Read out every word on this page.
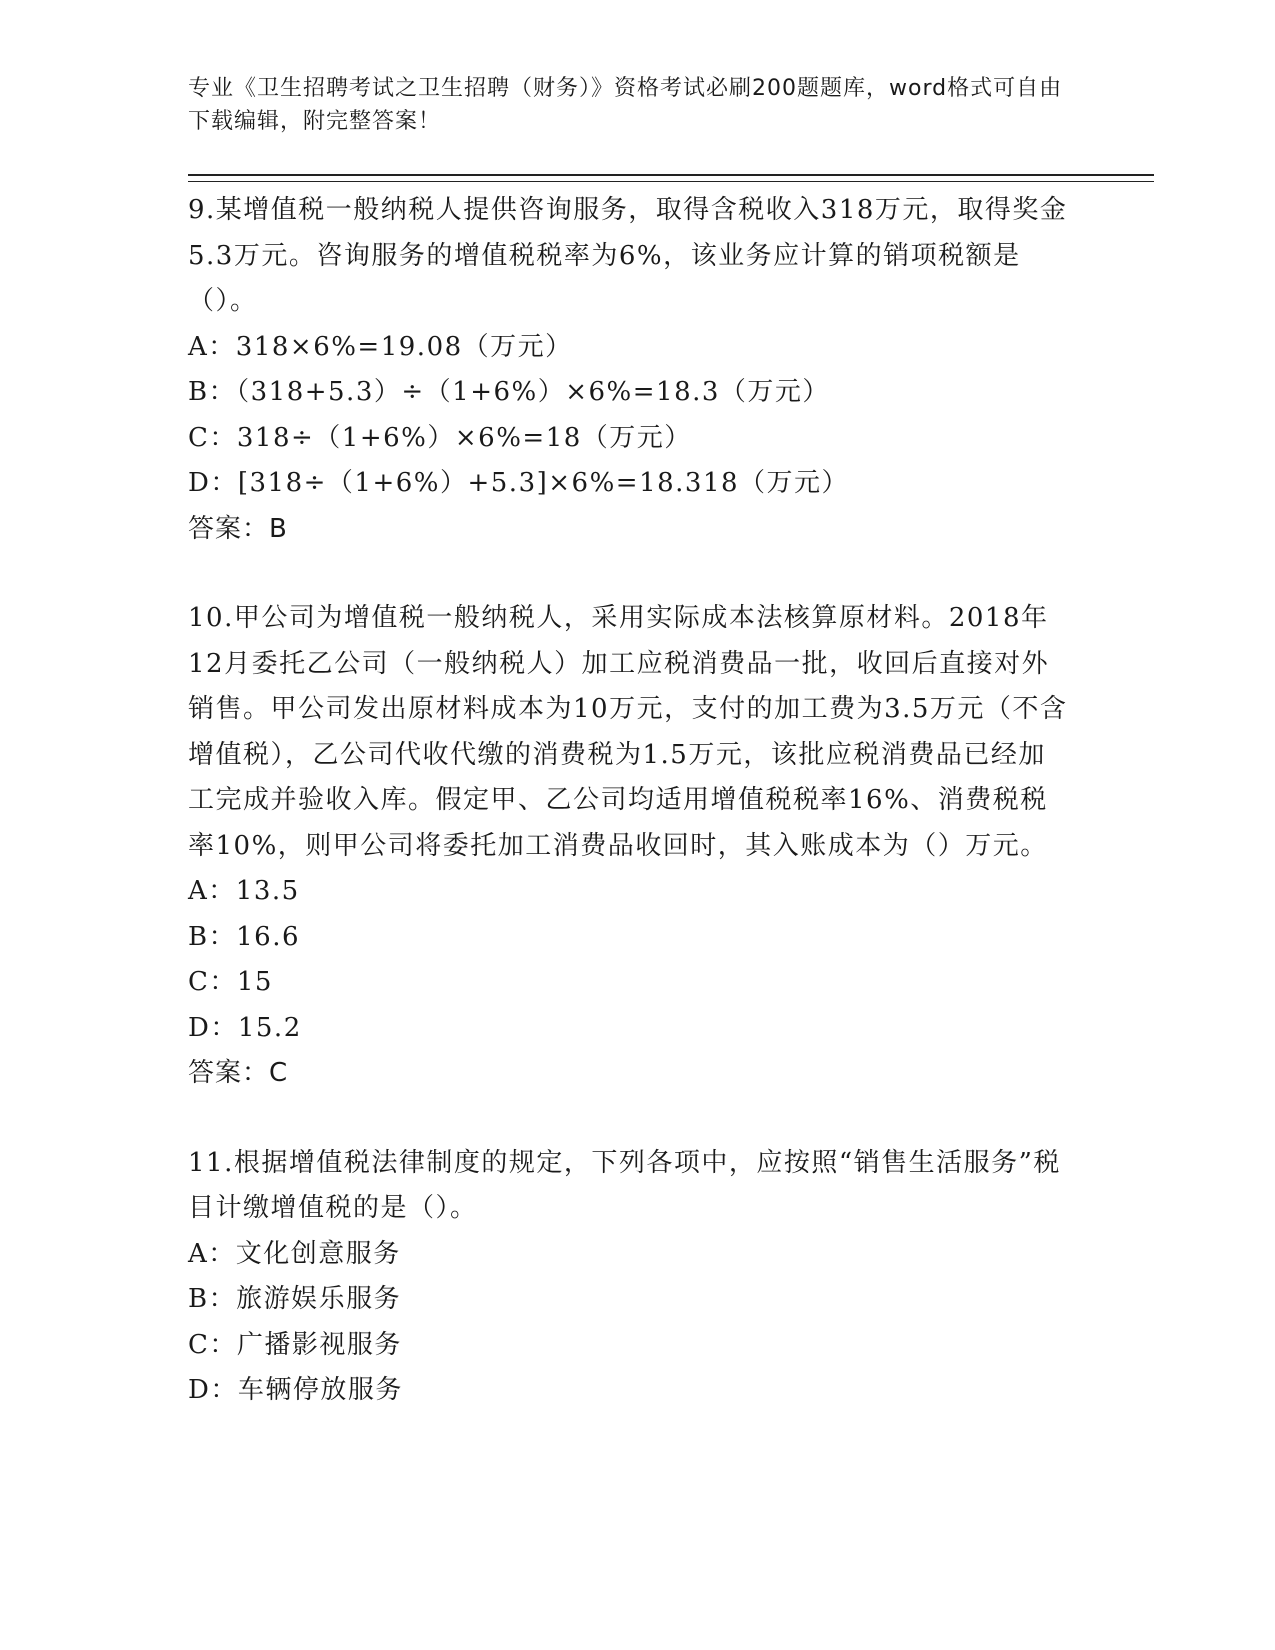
专业《卫生招聘考试之卫生招聘（财务）》资格考试必刷200题题库，word格式可自由下载编辑，附完整答案！

9.某增值税一般纳税人提供咨询服务，取得含税收入318万元，取得奖金5.3万元。咨询服务的增值税税率为6%，该业务应计算的销项税额是（）。

A：318×6%=19.08（万元）

B：（318+5.3）÷（1+6%）×6%=18.3（万元）

C：318÷（1+6%）×6%=18（万元）

D：[318÷（1+6%）+5.3]×6%=18.318（万元）

答案：B

10.甲公司为增值税一般纳税人，采用实际成本法核算原材料。2018年12月委托乙公司（一般纳税人）加工应税消费品一批，收回后直接对外销售。甲公司发出原材料成本为10万元，支付的加工费为3.5万元（不含增值税），乙公司代收代缴的消费税为1.5万元，该批应税消费品已经加工完成并验收入库。假定甲、乙公司均适用增值税税率16%、消费税税率10%，则甲公司将委托加工消费品收回时，其入账成本为（）万元。

A：13.5

B：16.6

C：15

D：15.2

答案：C

11.根据增值税法律制度的规定，下列各项中，应按照“销售生活服务”税目计缴增值税的是（）。

A：文化创意服务

B：旅游娱乐服务

C：广播影视服务

D：车辆停放服务
